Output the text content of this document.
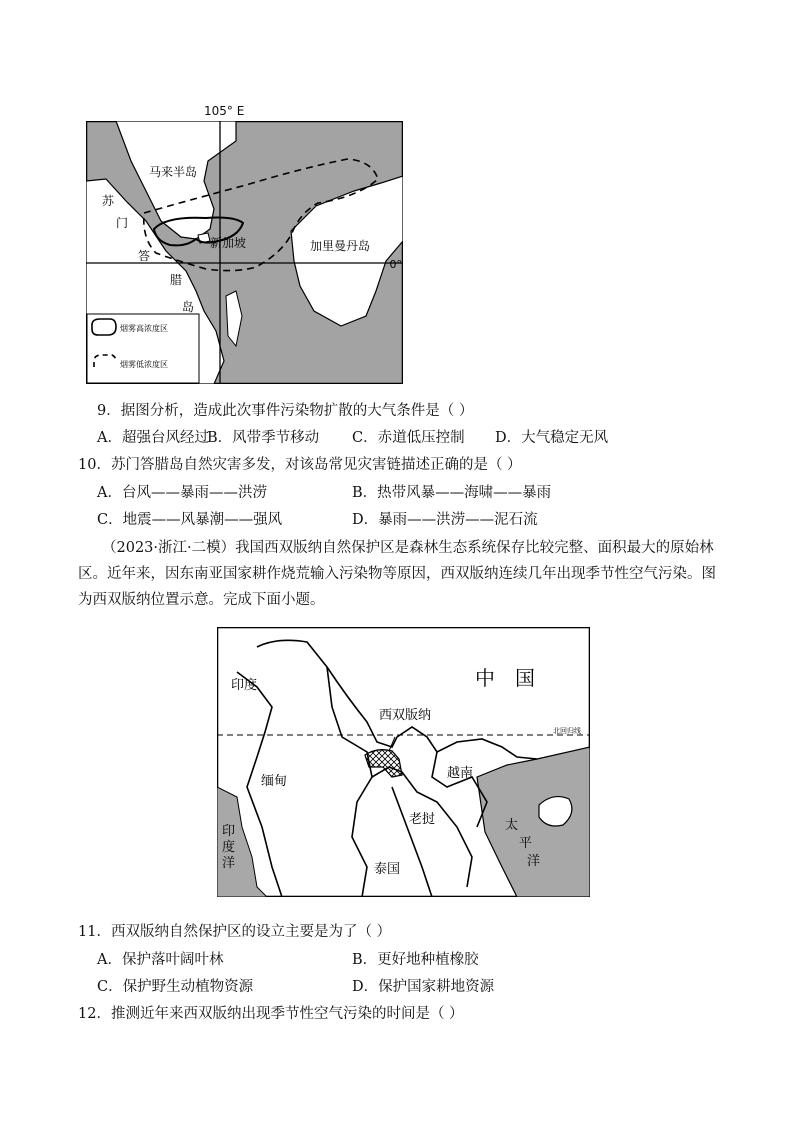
105° E
烟雾高浓度区
烟雾低浓度区
马来半岛
苏
门
答
腊
岛
新加坡	加里曼丹岛
0°
9．据图分析，造成此次事件污染物扩散的大气条件是（ ）
A．超强台风经过
B．风带季节移动 C．赤道低压控制 D．大气稳定无风
10．苏门答腊岛自然灾害多发，对该岛常见灾害链描述正确的是（ ）
A．台风——暴雨——洪涝	B．热带风暴——海啸——暴雨
C．地震——风暴潮——强风	D．暴雨——洪涝——泥石流
（2023·浙江·二模）我国西双版纳自然保护区是森林生态系统保存比较完整、面积最大的原始林
区。近年来，因东南亚国家耕作烧荒输入污染物等原因，西双版纳连续几年出现季节性空气污染。图
为西双版纳位置示意。完成下面小题。
中　国
印度
西双版纳
北回归线
缅甸
越南
老挝
泰国
印
度
洋
太
平
洋
11．西双版纳自然保护区的设立主要是为了（ ）
A．保护落叶阔叶林	B．更好地种植橡胶
C．保护野生动植物资源	D．保护国家耕地资源
12．推测近年来西双版纳出现季节性空气污染的时间是（ ）
